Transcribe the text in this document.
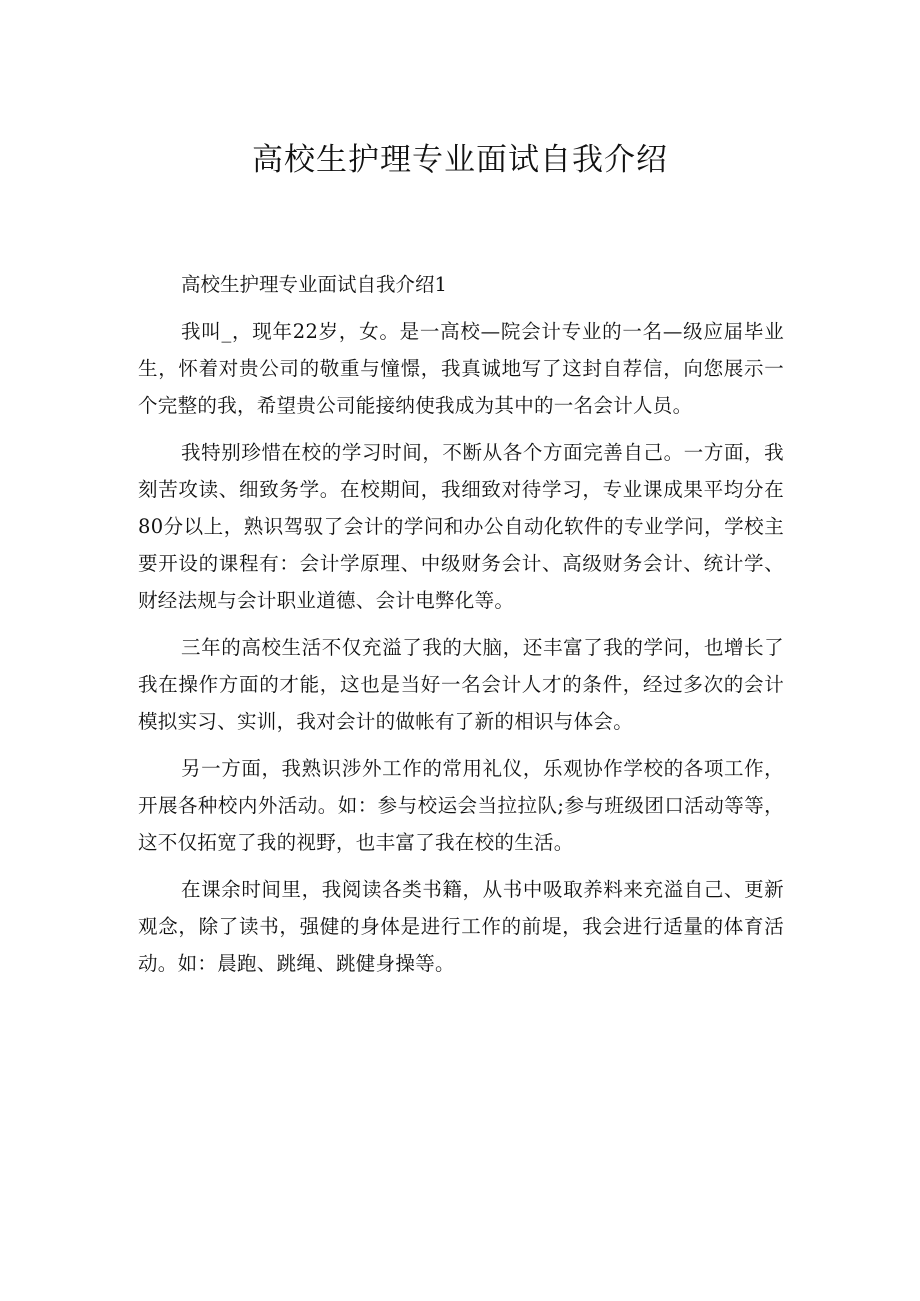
高校生护理专业面试自我介绍

高校生护理专业面试自我介绍1

我叫_，现年22岁，女。是一高校—院会计专业的一名—级应届毕业生，怀着对贵公司的敬重与憧憬，我真诚地写了这封自荐信，向您展示一个完整的我，希望贵公司能接纳使我成为其中的一名会计人员。

我特别珍惜在校的学习时间，不断从各个方面完善自己。一方面，我刻苦攻读、细致务学。在校期间，我细致对待学习，专业课成果平均分在80分以上，熟识驾驭了会计的学问和办公自动化软件的专业学问，学校主要开设的课程有：会计学原理、中级财务会计、高级财务会计、统计学、财经法规与会计职业道德、会计电弊化等。

三年的高校生活不仅充溢了我的大脑，还丰富了我的学问，也增长了我在操作方面的才能，这也是当好一名会计人才的条件，经过多次的会计模拟实习、实训，我对会计的做帐有了新的相识与体会。

另一方面，我熟识涉外工作的常用礼仪，乐观协作学校的各项工作，开展各种校内外活动。如：参与校运会当拉拉队;参与班级团口活动等等，这不仅拓宽了我的视野，也丰富了我在校的生活。

在课余时间里，我阅读各类书籍，从书中吸取养料来充溢自己、更新观念，除了读书，强健的身体是进行工作的前堤，我会进行适量的体育活动。如：晨跑、跳绳、跳健身操等。
